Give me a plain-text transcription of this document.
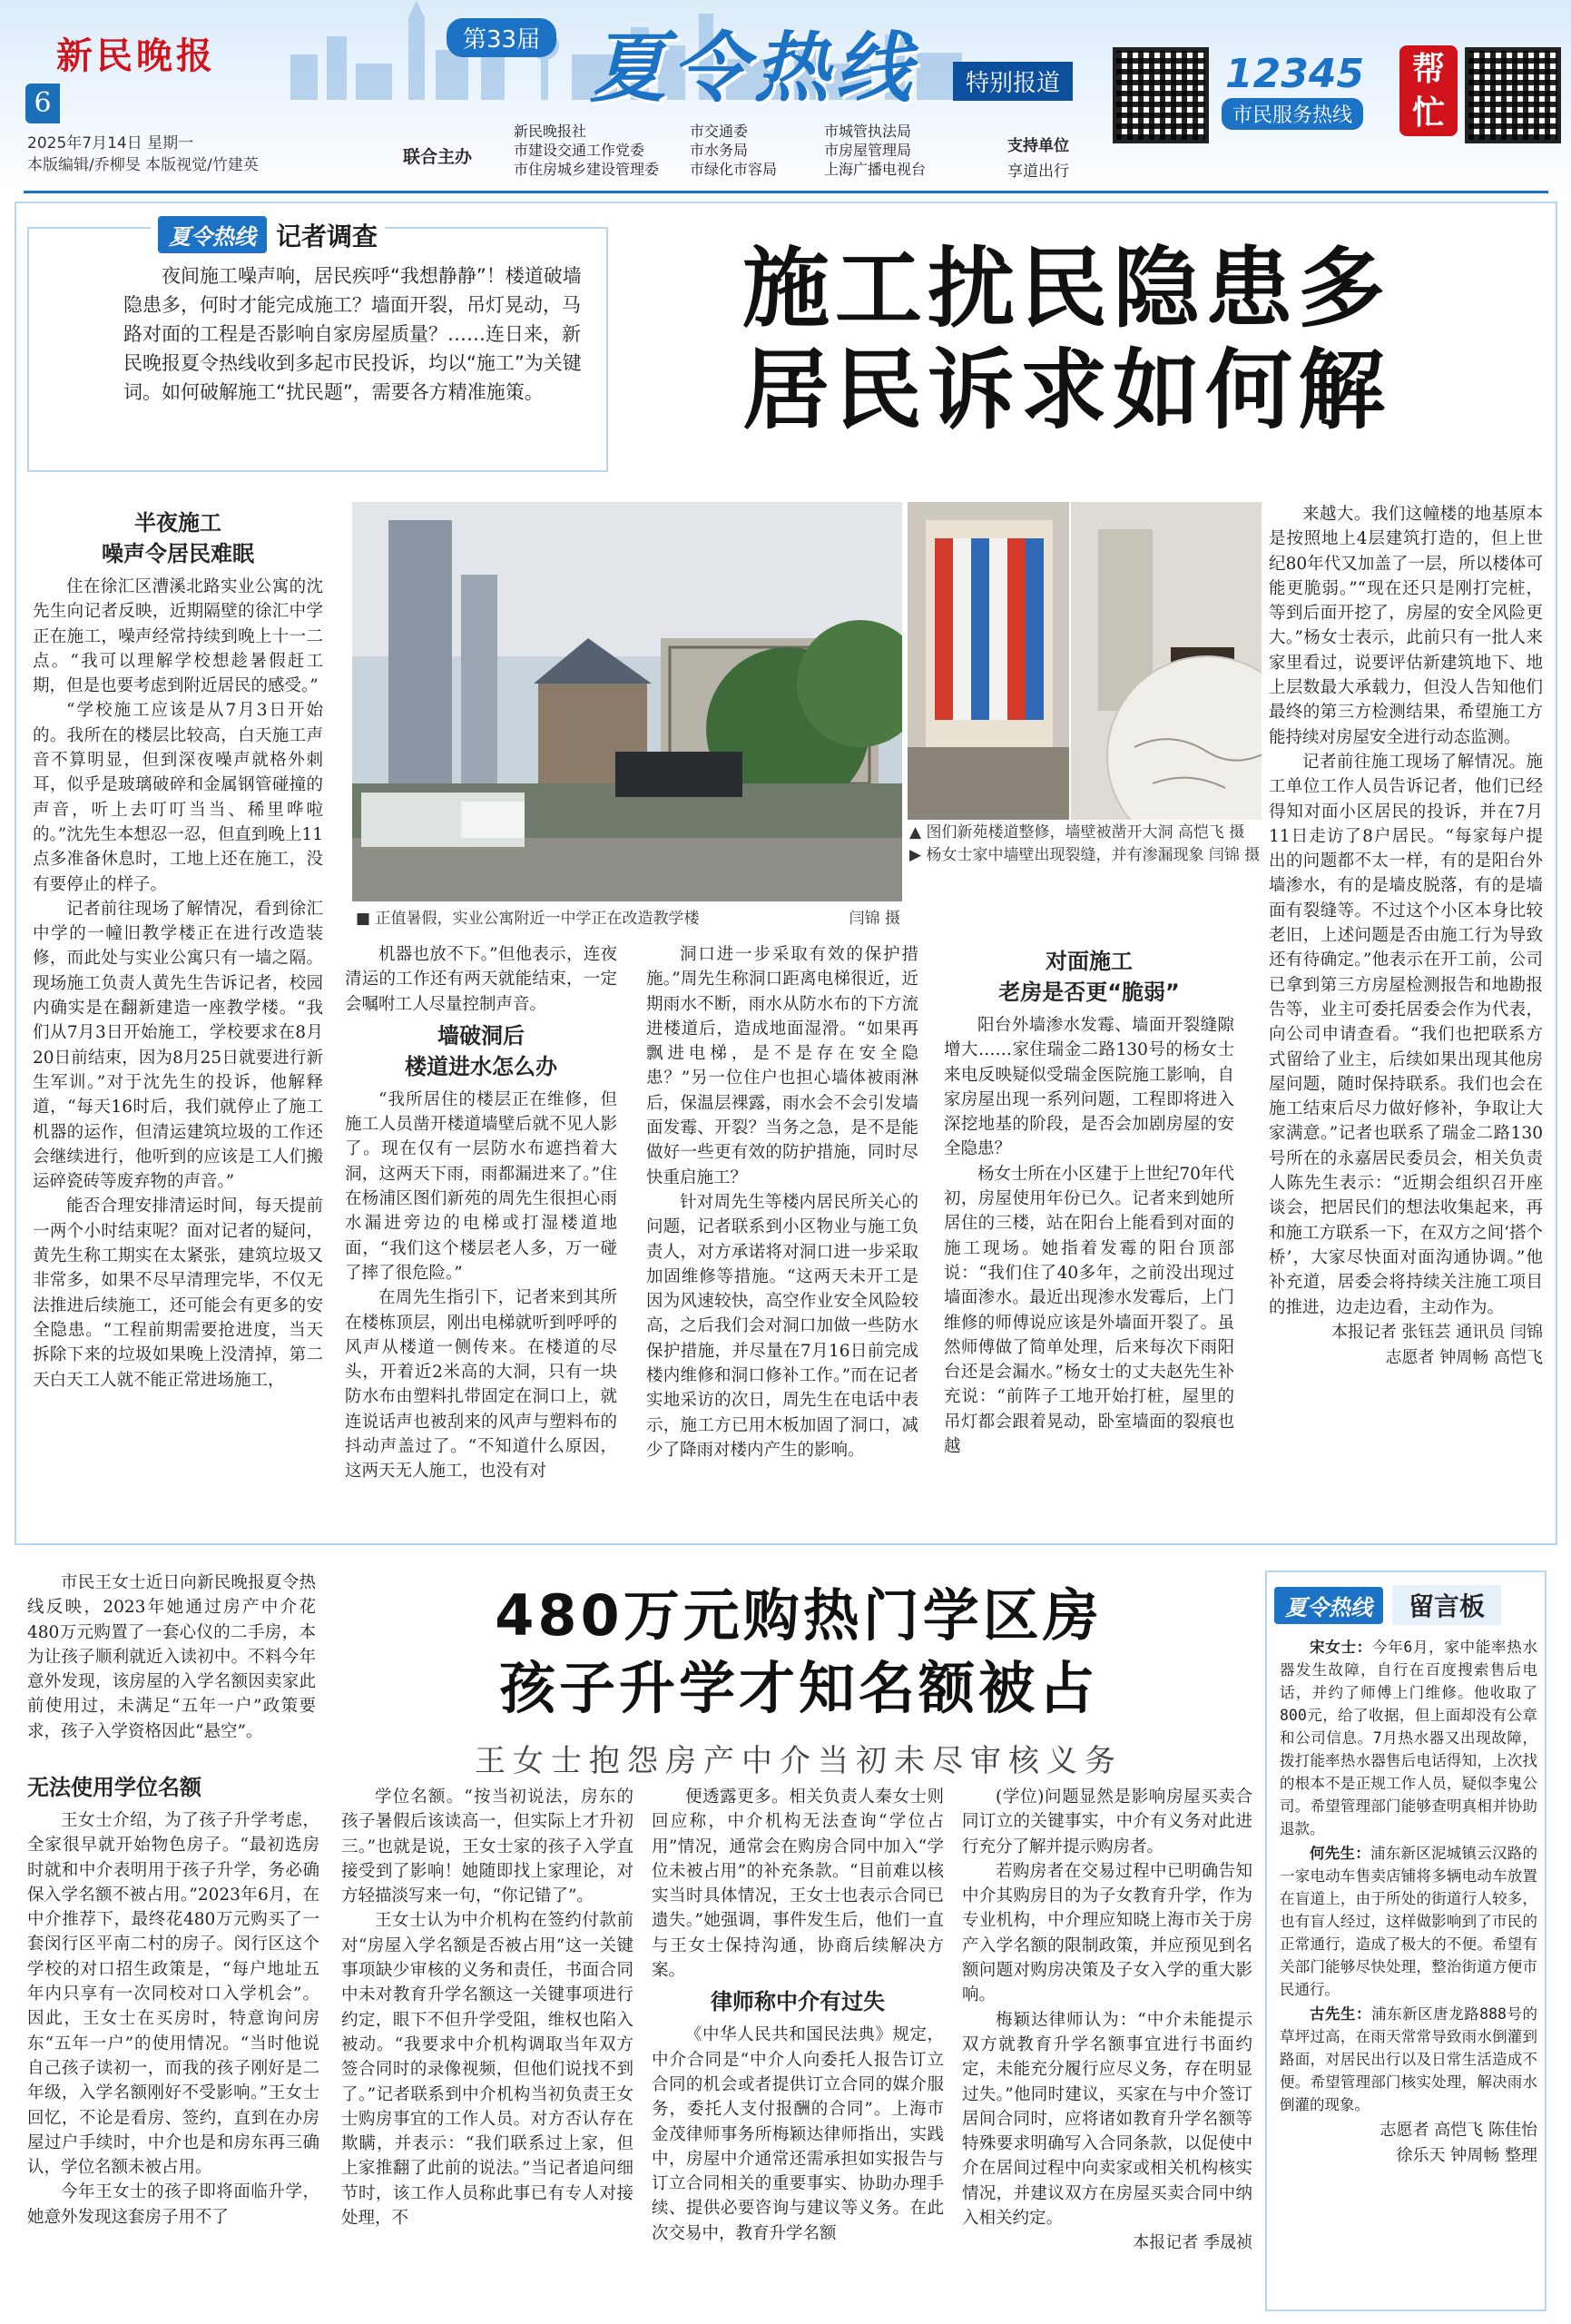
新民晚报
6
第33届 夏令热线	特别报道	12345
市民服务热线
帮忙
2025年7月14日 星期一
本版编辑/乔柳旻 本版视觉/竹建英	联合主办
新民晚报社
市建设交通工作党委
市住房城乡建设管理委
市交通委
市水务局
市绿化市容局
市城管执法局
市房屋管理局
上海广播电视台
支持单位
享道出行
夏令热线 记者调查
夜间施工噪声响，居民疾呼“我想静静”！楼道破墙隐患多，何时才能完成施工？墙面开裂，吊灯晃动，马路对面的工程是否影响自家房屋质量？……连日来，新民晚报夏令热线收到多起市民投诉，均以“施工”为关键词。如何破解施工“扰民题”，需要各方精准施策。
施工扰民隐患多
居民诉求如何解
半夜施工
噪声令居民难眠

住在徐汇区漕溪北路实业公寓的沈先生向记者反映，近期隔壁的徐汇中学正在施工，噪声经常持续到晚上十一二点。“我可以理解学校想趁暑假赶工期，但是也要考虑到附近居民的感受。”

“学校施工应该是从7月3日开始的。我所在的楼层比较高，白天施工声音不算明显，但到深夜噪声就格外刺耳，似乎是玻璃破碎和金属钢管碰撞的声音，听上去叮叮当当、稀里哗啦的。”沈先生本想忍一忍，但直到晚上11点多准备休息时，工地上还在施工，没有要停止的样子。

记者前往现场了解情况，看到徐汇中学的一幢旧教学楼正在进行改造装修，而此处与实业公寓只有一墙之隔。现场施工负责人黄先生告诉记者，校园内确实是在翻新建造一座教学楼。“我们从7月3日开始施工，学校要求在8月20日前结束，因为8月25日就要进行新生军训。”对于沈先生的投诉，他解释道，“每天16时后，我们就停止了施工机器的运作，但清运建筑垃圾的工作还会继续进行，他听到的应该是工人们搬运碎瓷砖等废弃物的声音。”

能否合理安排清运时间，每天提前一两个小时结束呢？面对记者的疑问，黄先生称工期实在太紧张，建筑垃圾又非常多，如果不尽早清理完毕，不仅无法推进后续施工，还可能会有更多的安全隐患。“工程前期需要抢进度，当天拆除下来的垃圾如果晚上没清掉，第二天白天工人就不能正常进场施工，

■ 正值暑假，实业公寓附近一中学正在改造教学楼	闫锦 摄
▲ 图们新苑楼道整修，墙壁被凿开大洞 高恺飞 摄
▶ 杨女士家中墙壁出现裂缝，并有渗漏现象 闫锦 摄

机器也放不下。”但他表示，连夜清运的工作还有两天就能结束，一定会嘱咐工人尽量控制声音。

墙破洞后
楼道进水怎么办

“我所居住的楼层正在维修，但施工人员凿开楼道墙壁后就不见人影了。现在仅有一层防水布遮挡着大洞，这两天下雨，雨都漏进来了。”住在杨浦区图们新苑的周先生很担心雨水漏进旁边的电梯或打湿楼道地面，“我们这个楼层老人多，万一碰了摔了很危险。”

在周先生指引下，记者来到其所在楼栋顶层，刚出电梯就听到呼呼的风声从楼道一侧传来。在楼道的尽头，开着近2米高的大洞，只有一块防水布由塑料扎带固定在洞口上，就连说话声也被刮来的风声与塑料布的抖动声盖过了。“不知道什么原因，这两天无人施工，也没有对

洞口进一步采取有效的保护措施。”周先生称洞口距离电梯很近，近期雨水不断，雨水从防水布的下方流进楼道后，造成地面湿滑。“如果再飘进电梯，是不是存在安全隐患？”另一位住户也担心墙体被雨淋后，保温层裸露，雨水会不会引发墙面发霉、开裂？当务之急，是不是能做好一些更有效的防护措施，同时尽快重启施工？

针对周先生等楼内居民所关心的问题，记者联系到小区物业与施工负责人，对方承诺将对洞口进一步采取加固维修等措施。“这两天未开工是因为风速较快，高空作业安全风险较高，之后我们会对洞口加做一些防水保护措施，并尽量在7月16日前完成楼内维修和洞口修补工作。”而在记者实地采访的次日，周先生在电话中表示，施工方已用木板加固了洞口，减少了降雨对楼内产生的影响。

对面施工
老房是否更“脆弱”

阳台外墙渗水发霉、墙面开裂缝隙增大……家住瑞金二路130号的杨女士来电反映疑似受瑞金医院施工影响，自家房屋出现一系列问题，工程即将进入深挖地基的阶段，是否会加剧房屋的安全隐患？

杨女士所在小区建于上世纪70年代初，房屋使用年份已久。记者来到她所居住的三楼，站在阳台上能看到对面的施工现场。她指着发霉的阳台顶部说：“我们住了40多年，之前没出现过墙面渗水。最近出现渗水发霉后，上门维修的师傅说应该是外墙面开裂了。虽然师傅做了简单处理，后来每次下雨阳台还是会漏水。”杨女士的丈夫赵先生补充说：“前阵子工地开始打桩，屋里的吊灯都会跟着晃动，卧室墙面的裂痕也越

来越大。我们这幢楼的地基原本是按照地上4层建筑打造的，但上世纪80年代又加盖了一层，所以楼体可能更脆弱。”“现在还只是刚打完桩，等到后面开挖了，房屋的安全风险更大。”杨女士表示，此前只有一批人来家里看过，说要评估新建筑地下、地上层数最大承载力，但没人告知他们最终的第三方检测结果，希望施工方能持续对房屋安全进行动态监测。

记者前往施工现场了解情况。施工单位工作人员告诉记者，他们已经得知对面小区居民的投诉，并在7月11日走访了8户居民。“每家每户提出的问题都不太一样，有的是阳台外墙渗水，有的是墙皮脱落，有的是墙面有裂缝等。不过这个小区本身比较老旧，上述问题是否由施工行为导致还有待确定。”他表示在开工前，公司已拿到第三方房屋检测报告和地勘报告等，业主可委托居委会作为代表，向公司申请查看。“我们也把联系方式留给了业主，后续如果出现其他房屋问题，随时保持联系。我们也会在施工结束后尽力做好修补，争取让大家满意。”记者也联系了瑞金二路130号所在的永嘉居民委员会，相关负责人陈先生表示：“近期会组织召开座谈会，把居民们的想法收集起来，再和施工方联系一下，在双方之间‘搭个桥’，大家尽快面对面沟通协调。”他补充道，居委会将持续关注施工项目的推进，边走边看，主动作为。

本报记者 张钰芸 通讯员 闫锦
志愿者 钟周畅 高恺飞

市民王女士近日向新民晚报夏令热线反映，2023年她通过房产中介花480万元购置了一套心仪的二手房，本为让孩子顺利就近入读初中。不料今年意外发现，该房屋的入学名额因卖家此前使用过，未满足“五年一户”政策要求，孩子入学资格因此“悬空”。

480万元购热门学区房
孩子升学才知名额被占
王女士抱怨房产中介当初未尽审核义务
无法使用学位名额

王女士介绍，为了孩子升学考虑，全家很早就开始物色房子。“最初选房时就和中介表明用于孩子升学，务必确保入学名额不被占用。”2023年6月，在中介推荐下，最终花480万元购买了一套闵行区平南二村的房子。闵行区这个学校的对口招生政策是，“每户地址五年内只享有一次同校对口入学机会”。因此，王女士在买房时，特意询问房东“五年一户”的使用情况。“当时他说自己孩子读初一，而我的孩子刚好是二年级，入学名额刚好不受影响。”王女士回忆，不论是看房、签约，直到在办房屋过户手续时，中介也是和房东再三确认，学位名额未被占用。

今年王女士的孩子即将面临升学，她意外发现这套房子用不了

学位名额。“按当初说法，房东的孩子暑假后该读高一，但实际上才升初三。”也就是说，王女士家的孩子入学直接受到了影响！她随即找上家理论，对方轻描淡写来一句，“你记错了”。

王女士认为中介机构在签约付款前对“房屋入学名额是否被占用”这一关键事项缺少审核的义务和责任，书面合同中未对教育升学名额这一关键事项进行约定，眼下不但升学受阻，维权也陷入被动。“我要求中介机构调取当年双方签合同时的录像视频，但他们说找不到了。”记者联系到中介机构当初负责王女士购房事宜的工作人员。对方否认存在欺瞒，并表示：“我们联系过上家，但上家推翻了此前的说法。”当记者追问细节时，该工作人员称此事已有专人对接处理，不

便透露更多。相关负责人秦女士则回应称，中介机构无法查询“学位占用”情况，通常会在购房合同中加入“学位未被占用”的补充条款。“目前难以核实当时具体情况，王女士也表示合同已遗失。”她强调，事件发生后，他们一直与王女士保持沟通，协商后续解决方案。

律师称中介有过失

《中华人民共和国民法典》规定，中介合同是“中介人向委托人报告订立合同的机会或者提供订立合同的媒介服务，委托人支付报酬的合同”。上海市金茂律师事务所梅颖达律师指出，实践中，房屋中介通常还需承担如实报告与订立合同相关的重要事实、协助办理手续、提供必要咨询与建议等义务。在此次交易中，教育升学名额

(学位)问题显然是影响房屋买卖合同订立的关键事实，中介有义务对此进行充分了解并提示购房者。

若购房者在交易过程中已明确告知中介其购房目的为子女教育升学，作为专业机构，中介理应知晓上海市关于房产入学名额的限制政策，并应预见到名额问题对购房决策及子女入学的重大影响。

梅颖达律师认为：“中介未能提示双方就教育升学名额事宜进行书面约定，未能充分履行应尽义务，存在明显过失。”他同时建议，买家在与中介签订居间合同时，应将诸如教育升学名额等特殊要求明确写入合同条款，以促使中介在居间过程中向卖家或相关机构核实情况，并建议双方在房屋买卖合同中纳入相关约定。

本报记者 季晟祯
夏令热线	留言板

宋女士：今年6月，家中能率热水器发生故障，自行在百度搜索售后电话，并约了师傅上门维修。他收取了800元，给了收据，但上面却没有公章和公司信息。7月热水器又出现故障，拨打能率热水器售后电话得知，上次找的根本不是正规工作人员，疑似李鬼公司。希望管理部门能够查明真相并协助退款。

何先生：浦东新区泥城镇云汉路的一家电动车售卖店铺将多辆电动车放置在盲道上，由于所处的街道行人较多，也有盲人经过，这样做影响到了市民的正常通行，造成了极大的不便。希望有关部门能够尽快处理，整治街道方便市民通行。

古先生：浦东新区唐龙路888号的草坪过高，在雨天常常导致雨水倒灌到路面，对居民出行以及日常生活造成不便。希望管理部门核实处理，解决雨水倒灌的现象。

志愿者 高恺飞 陈佳怡
徐乐天 钟周畅 整理
